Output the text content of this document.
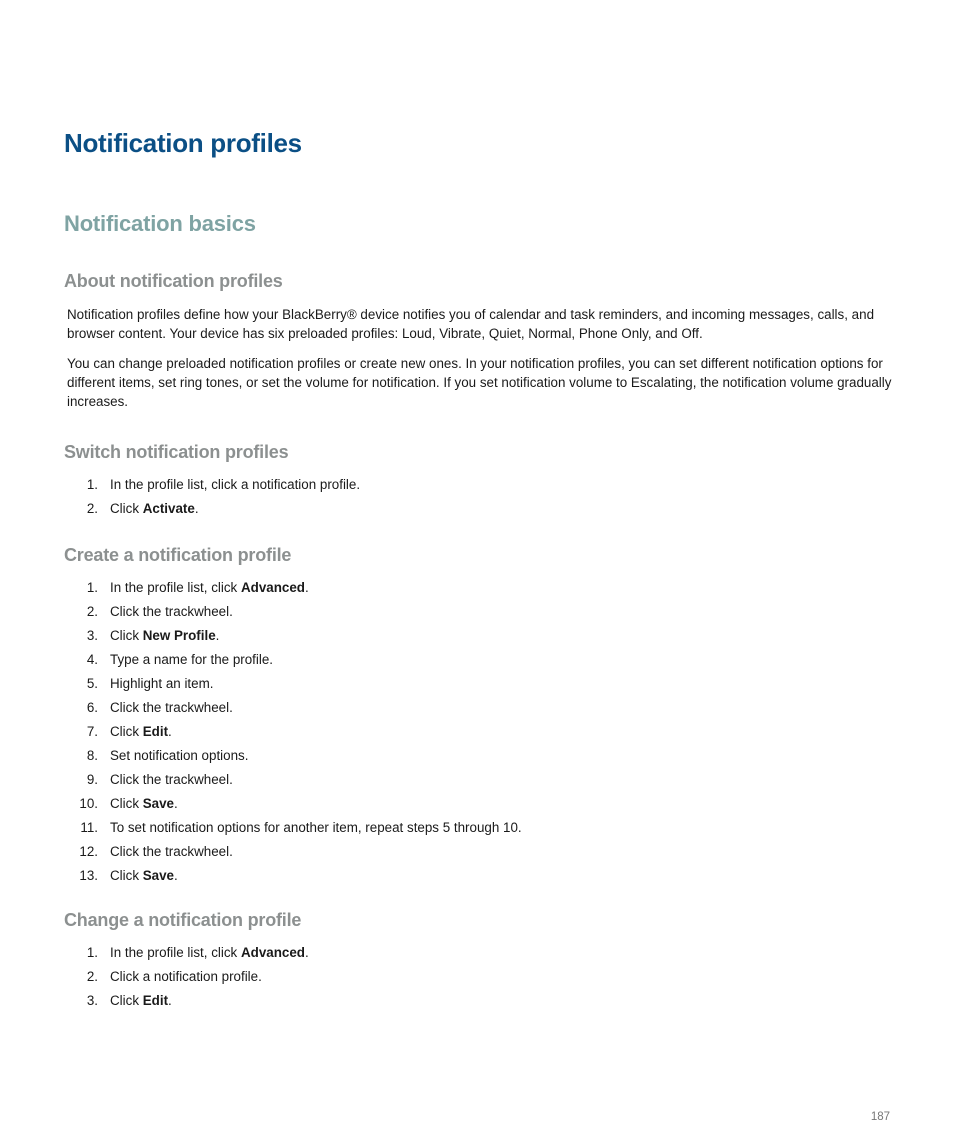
Notification profiles
Notification basics
About notification profiles

Notification profiles define how your BlackBerry® device notifies you of calendar and task reminders, and incoming messages, calls, and browser content. Your device has six preloaded profiles: Loud, Vibrate, Quiet, Normal, Phone Only, and Off.

You can change preloaded notification profiles or create new ones. In your notification profiles, you can set different notification options for different items, set ring tones, or set the volume for notification. If you set notification volume to Escalating, the notification volume gradually increases.

Switch notification profiles
1. In the profile list, click a notification profile.
2. Click Activate.
Create a notification profile
1. In the profile list, click Advanced.
2. Click the trackwheel.
3. Click New Profile.
4. Type a name for the profile.
5. Highlight an item.
6. Click the trackwheel.
7. Click Edit.
8. Set notification options.
9. Click the trackwheel.
10. Click Save.
11. To set notification options for another item, repeat steps 5 through 10.
12. Click the trackwheel.
13. Click Save.
Change a notification profile
1. In the profile list, click Advanced.
2. Click a notification profile.
3. Click Edit.
187
